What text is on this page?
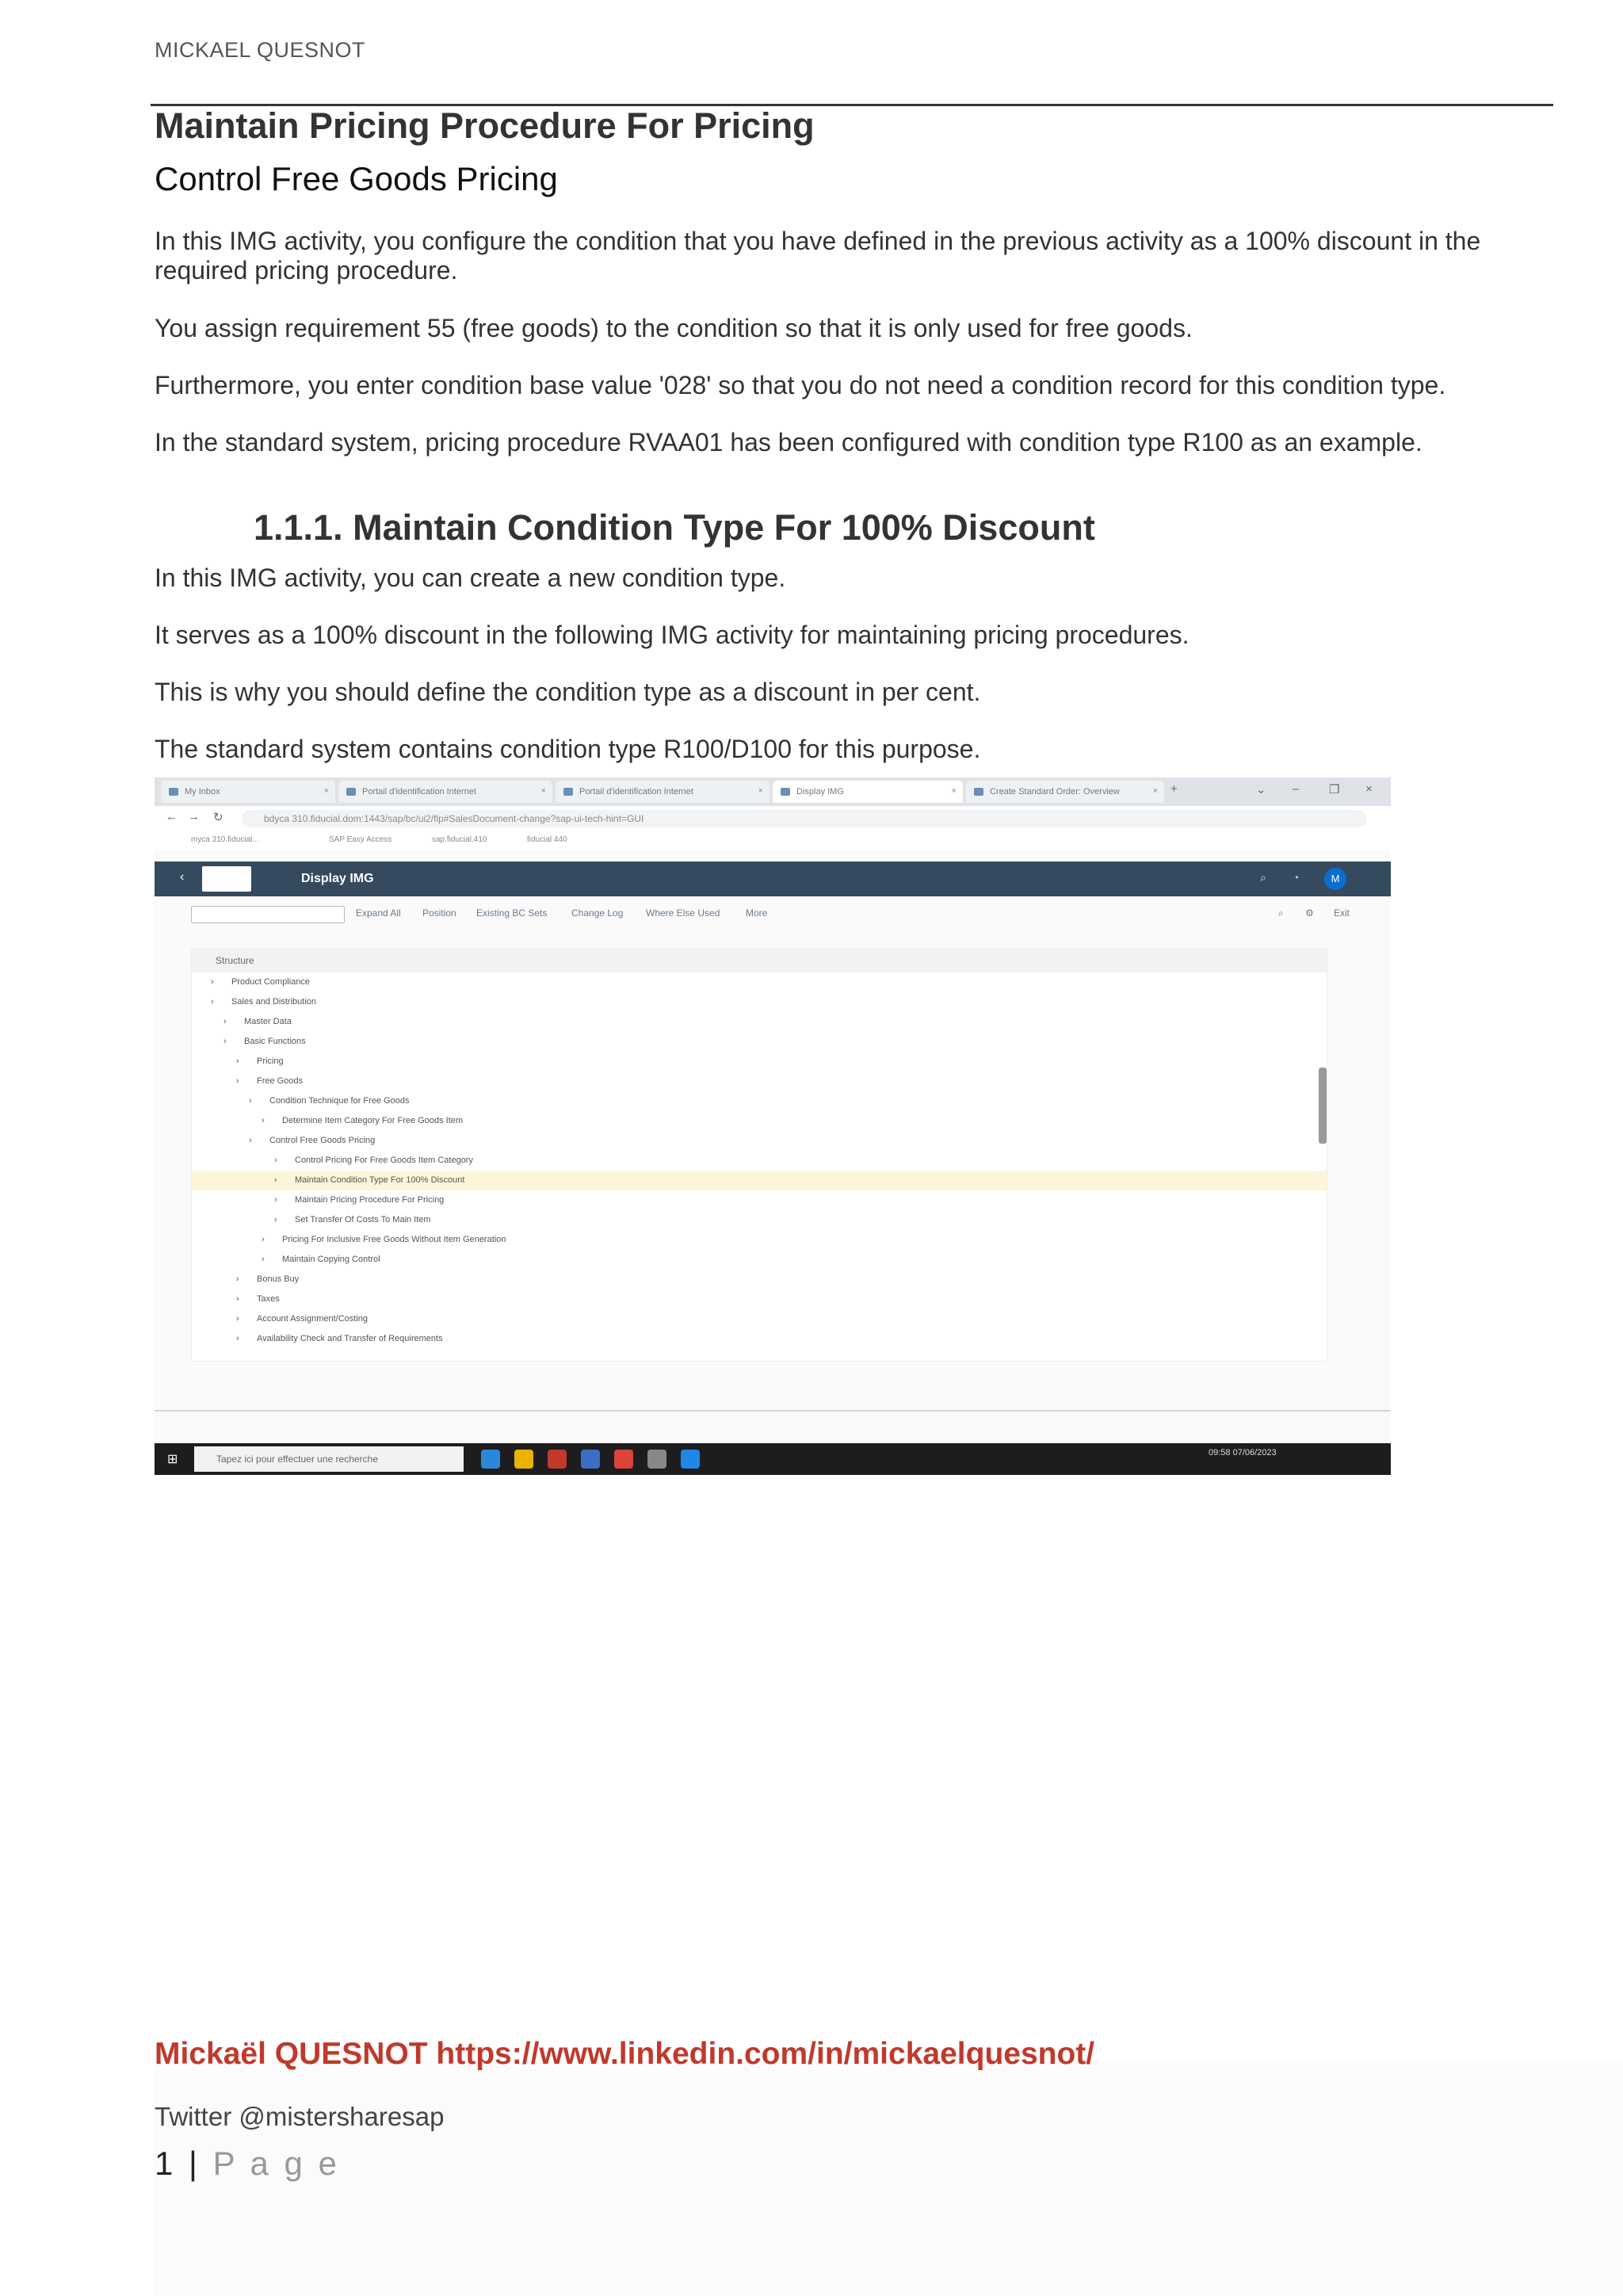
MICKAEL QUESNOT
Maintain Pricing Procedure For Pricing
Control Free Goods Pricing
In this IMG activity, you configure the condition that you have defined in the previous activity as a 100% discount in the required pricing procedure.
You assign requirement 55 (free goods) to the condition so that it is only used for free goods.
Furthermore, you enter condition base value '028' so that you do not need a condition record for this condition type.
In the standard system, pricing procedure RVAA01 has been configured with condition type R100 as an example.
1.1.1. Maintain Condition Type For 100% Discount
In this IMG activity, you can create a new condition type.
It serves as a 100% discount in the following IMG activity for maintaining pricing procedures.
This is why you should define the condition type as a discount in per cent.
The standard system contains condition type R100/D100 for this purpose.
My Inbox	×	Portail d'identification Internet	×	Portail d'identification Internet	×	Display IMG	×	Create Standard Order: Overview	× +	⌄ –	❐ ×
← → ↻	bdyca 310.fiducial.dom:1443/sap/bc/ui2/flp#SalesDocument-change?sap-ui-tech-hint=GUI
myca 310.fiducial...	SAP Easy Access	sap.fiducial.410	fiducial 440
‹	Display IMG	⌕ ◔	M
Expand All Position Existing BC Sets	Change Log Where Else Used	More	⌕ ⚙ Exit
Structure
› Product Compliance
› Sales and Distribution
› Master Data
› Basic Functions
› Pricing
› Free Goods
› Condition Technique for Free Goods
› Determine Item Category For Free Goods Item
› Control Free Goods Pricing
› Control Pricing For Free Goods Item Category
› Maintain Condition Type For 100% Discount
› Maintain Pricing Procedure For Pricing
› Set Transfer Of Costs To Main Item
› Pricing For Inclusive Free Goods Without Item Generation
› Maintain Copying Control
› Bonus Buy
› Taxes
› Account Assignment/Costing
› Availability Check and Transfer of Requirements
⊞	Tapez ici pour effectuer une recherche
09:58 07/06/2023
Mickaël QUESNOT https://www.linkedin.com/in/mickaelquesnot/
Twitter @mistersharesap
1 | P a g e
